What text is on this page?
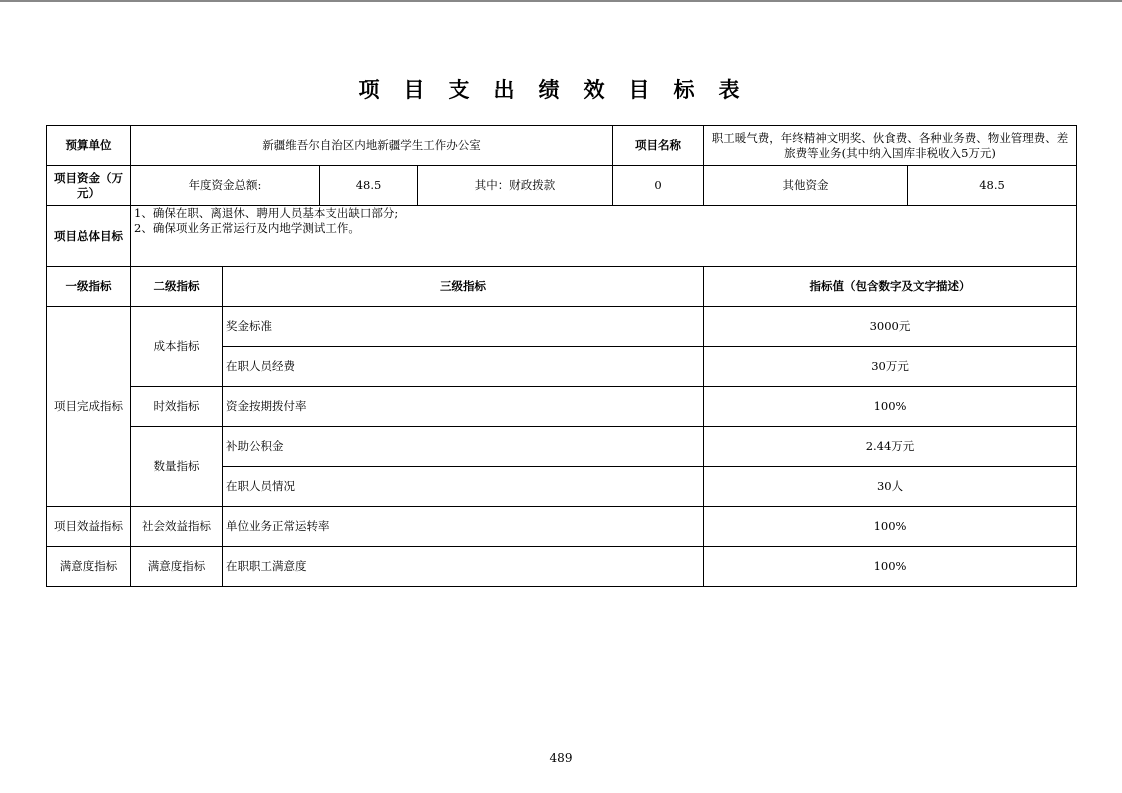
项目支出绩效目标表
预算单位	新疆维吾尔自治区内地新疆学生工作办公室				项目名称	职工暖气费，年终精神文明奖、伙食费、各种业务费、物业管理费、差旅费等业务(其中纳入国库非税收入5万元)	
项目资金（万元）	年度资金总额:		48.5	其中：财政拨款	0	其他资金	48.5
项目总体目标	1、确保在职、离退休、聘用人员基本支出缺口部分;
2、确保项业务正常运行及内地学测试工作。						

一级指标	二级指标	三级指标				指标值（包含数字及文字描述）	
项目完成指标	成本指标	奖金标准				3000元	
		在职人员经费				30万元	
	时效指标	资金按期拨付率				100%	
	数量指标	补助公积金				2.44万元	
		在职人员情况				30人	
项目效益指标	社会效益指标	单位业务正常运转率				100%	
满意度指标	满意度指标	在职职工满意度				100%	
489
